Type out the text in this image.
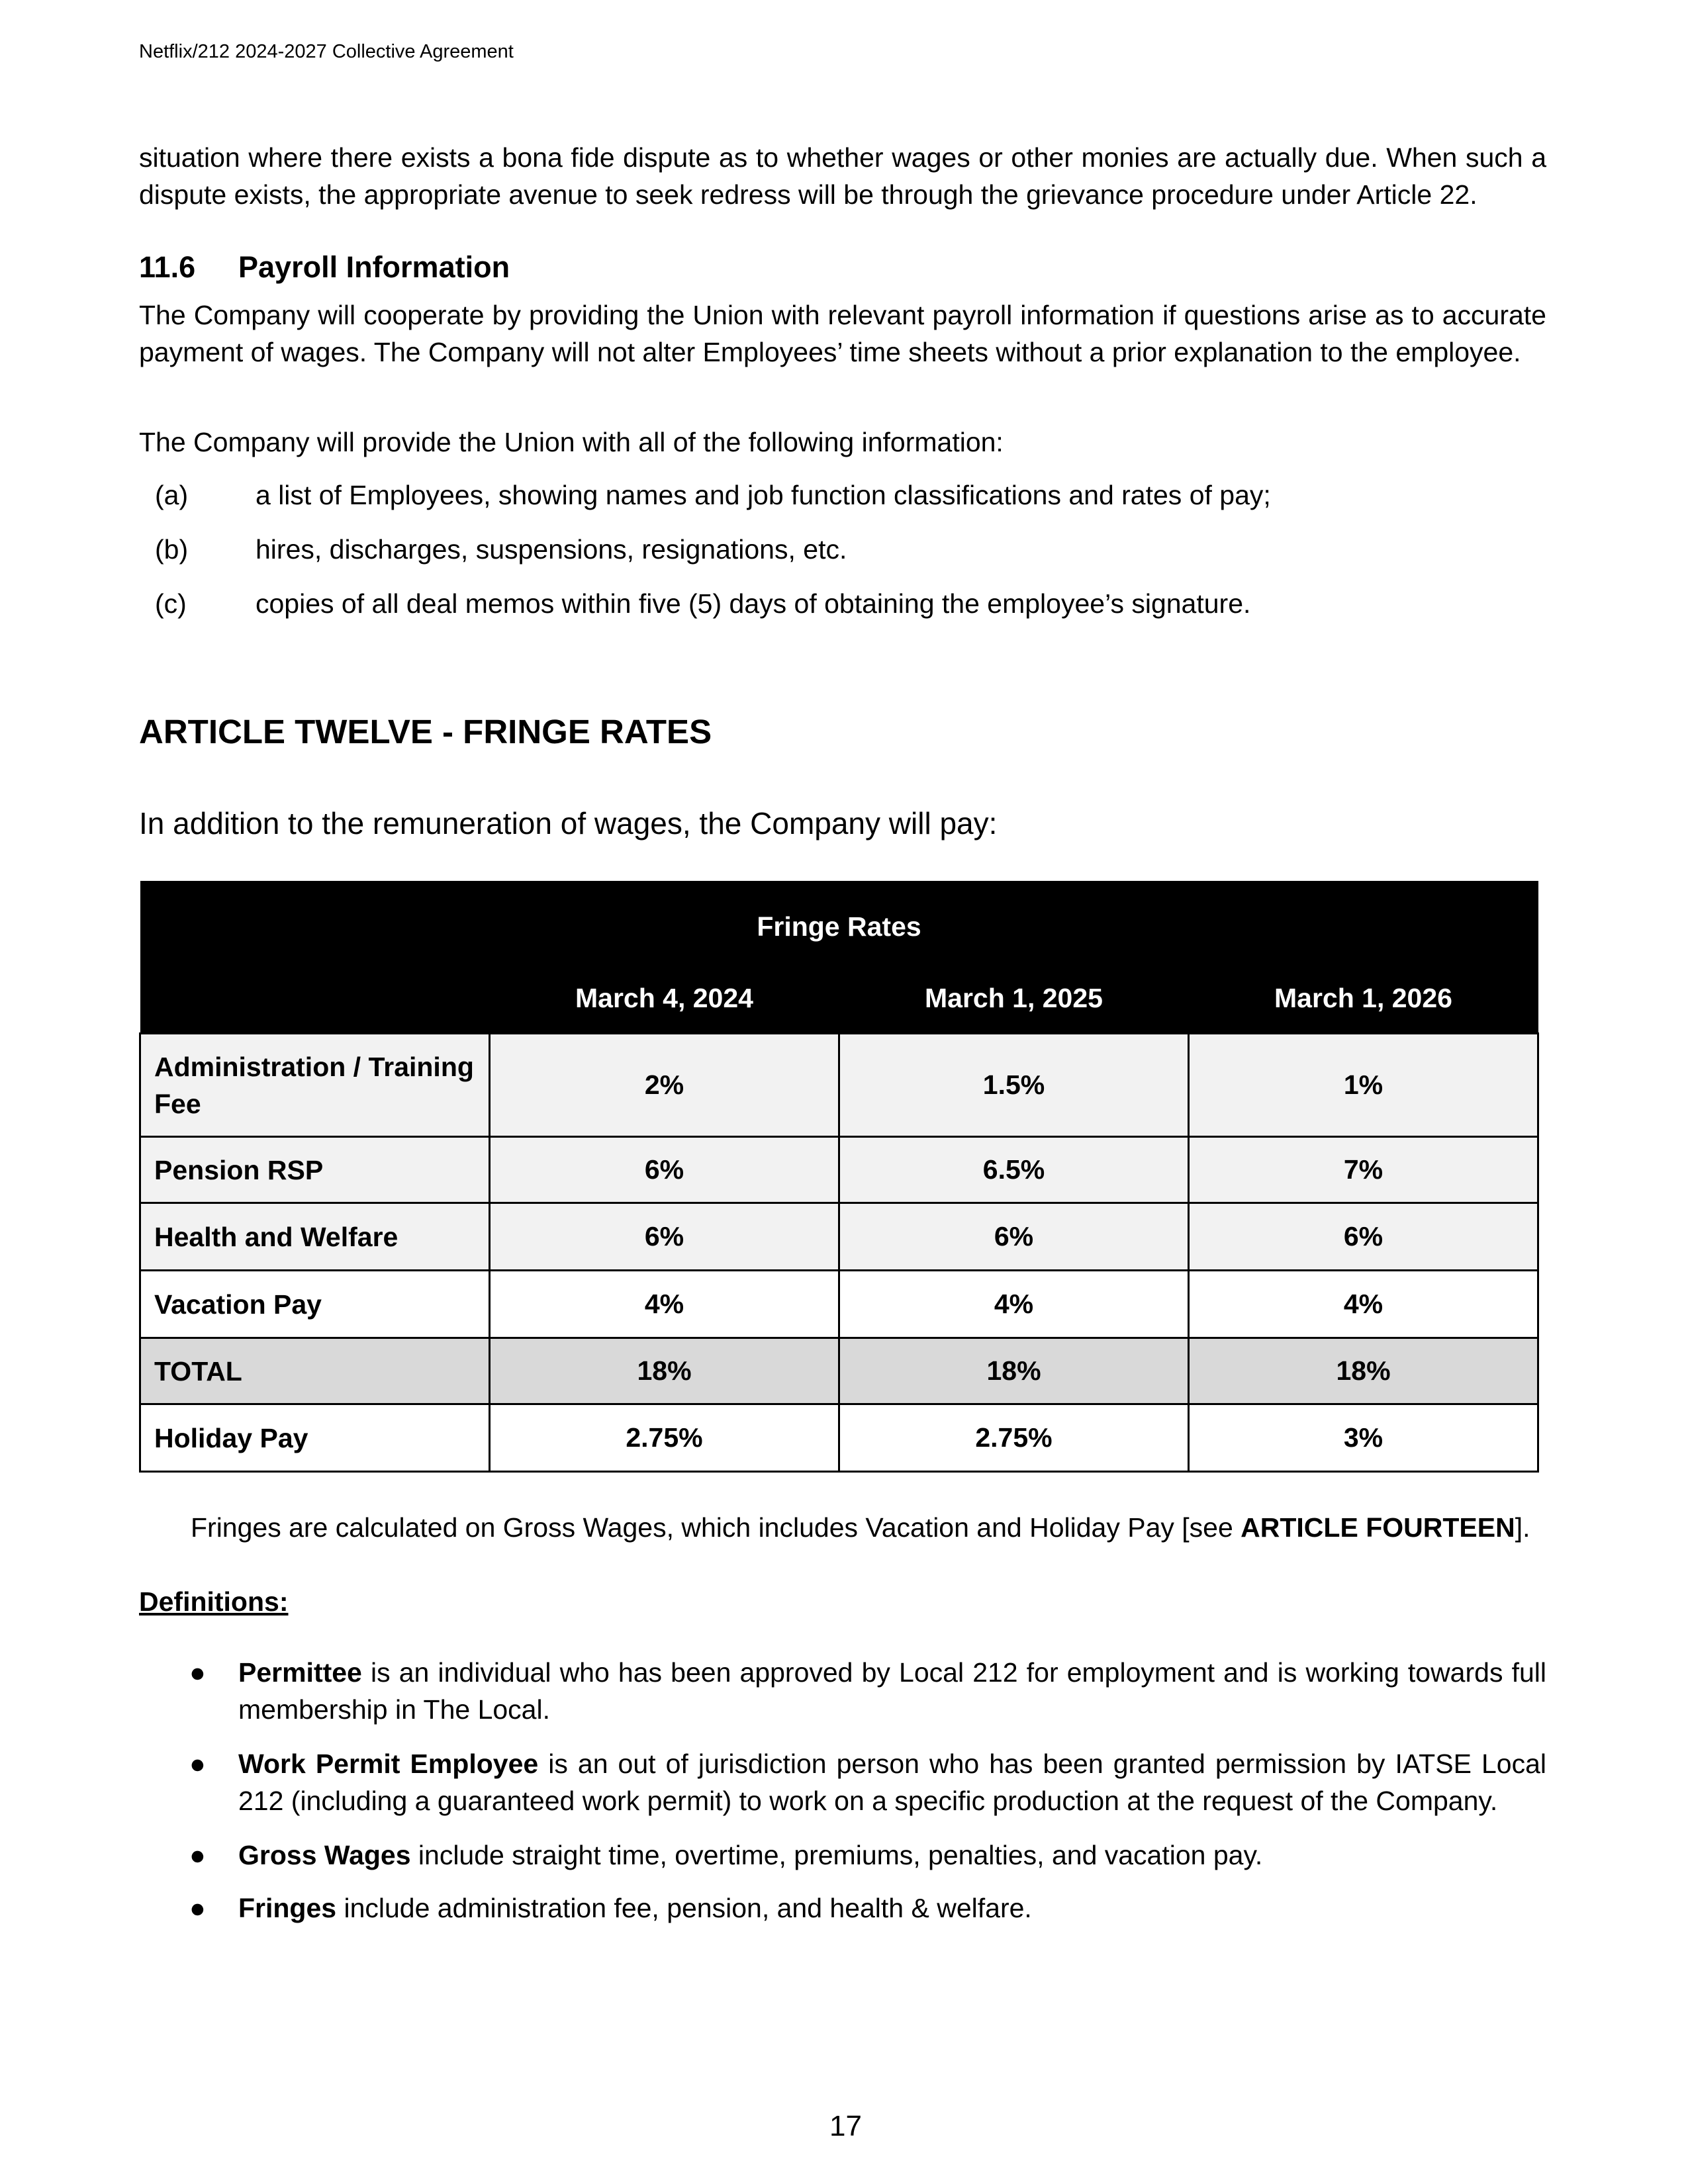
Netflix/212 2024-2027 Collective Agreement

situation where there exists a bona fide dispute as to whether wages or other monies are actually due. When such a dispute exists, the appropriate avenue to seek redress will be through the grievance procedure under Article 22.

11.6 Payroll Information

The Company will cooperate by providing the Union with relevant payroll information if questions arise as to accurate payment of wages. The Company will not alter Employees’ time sheets without a prior explanation to the employee.

The Company will provide the Union with all of the following information:

(a) a list of Employees, showing names and job function classifications and rates of pay;
(b) hires, discharges, suspensions, resignations, etc.
(c)	copies of all deal memos within five (5) days of obtaining the employee’s signature.
ARTICLE TWELVE - FRINGE RATES
In addition to the remuneration of wages, the Company will pay:
Fringe Rates			
	March 4, 2024	March 1, 2025	March 1, 2026
Administration / Training Fee	2%	1.5%	1%
Pension RSP	6%	6.5%	7%
Health and Welfare	6%	6%	6%
Vacation Pay	4%	4%	4%
TOTAL	18%	18%	18%
Holiday Pay	2.75%	2.75%	3%
Fringes are calculated on Gross Wages, which includes Vacation and Holiday Pay [see ARTICLE FOURTEEN].
Definitions:
● Permittee is an individual who has been approved by Local 212 for employment and is working towards full membership in The Local.
● Work Permit Employee is an out of jurisdiction person who has been granted permission by IATSE Local 212 (including a guaranteed work permit) to work on a specific production at the request of the Company.
● Gross Wages include straight time, overtime, premiums, penalties, and vacation pay.
● Fringes include administration fee, pension, and health & welfare.
17
